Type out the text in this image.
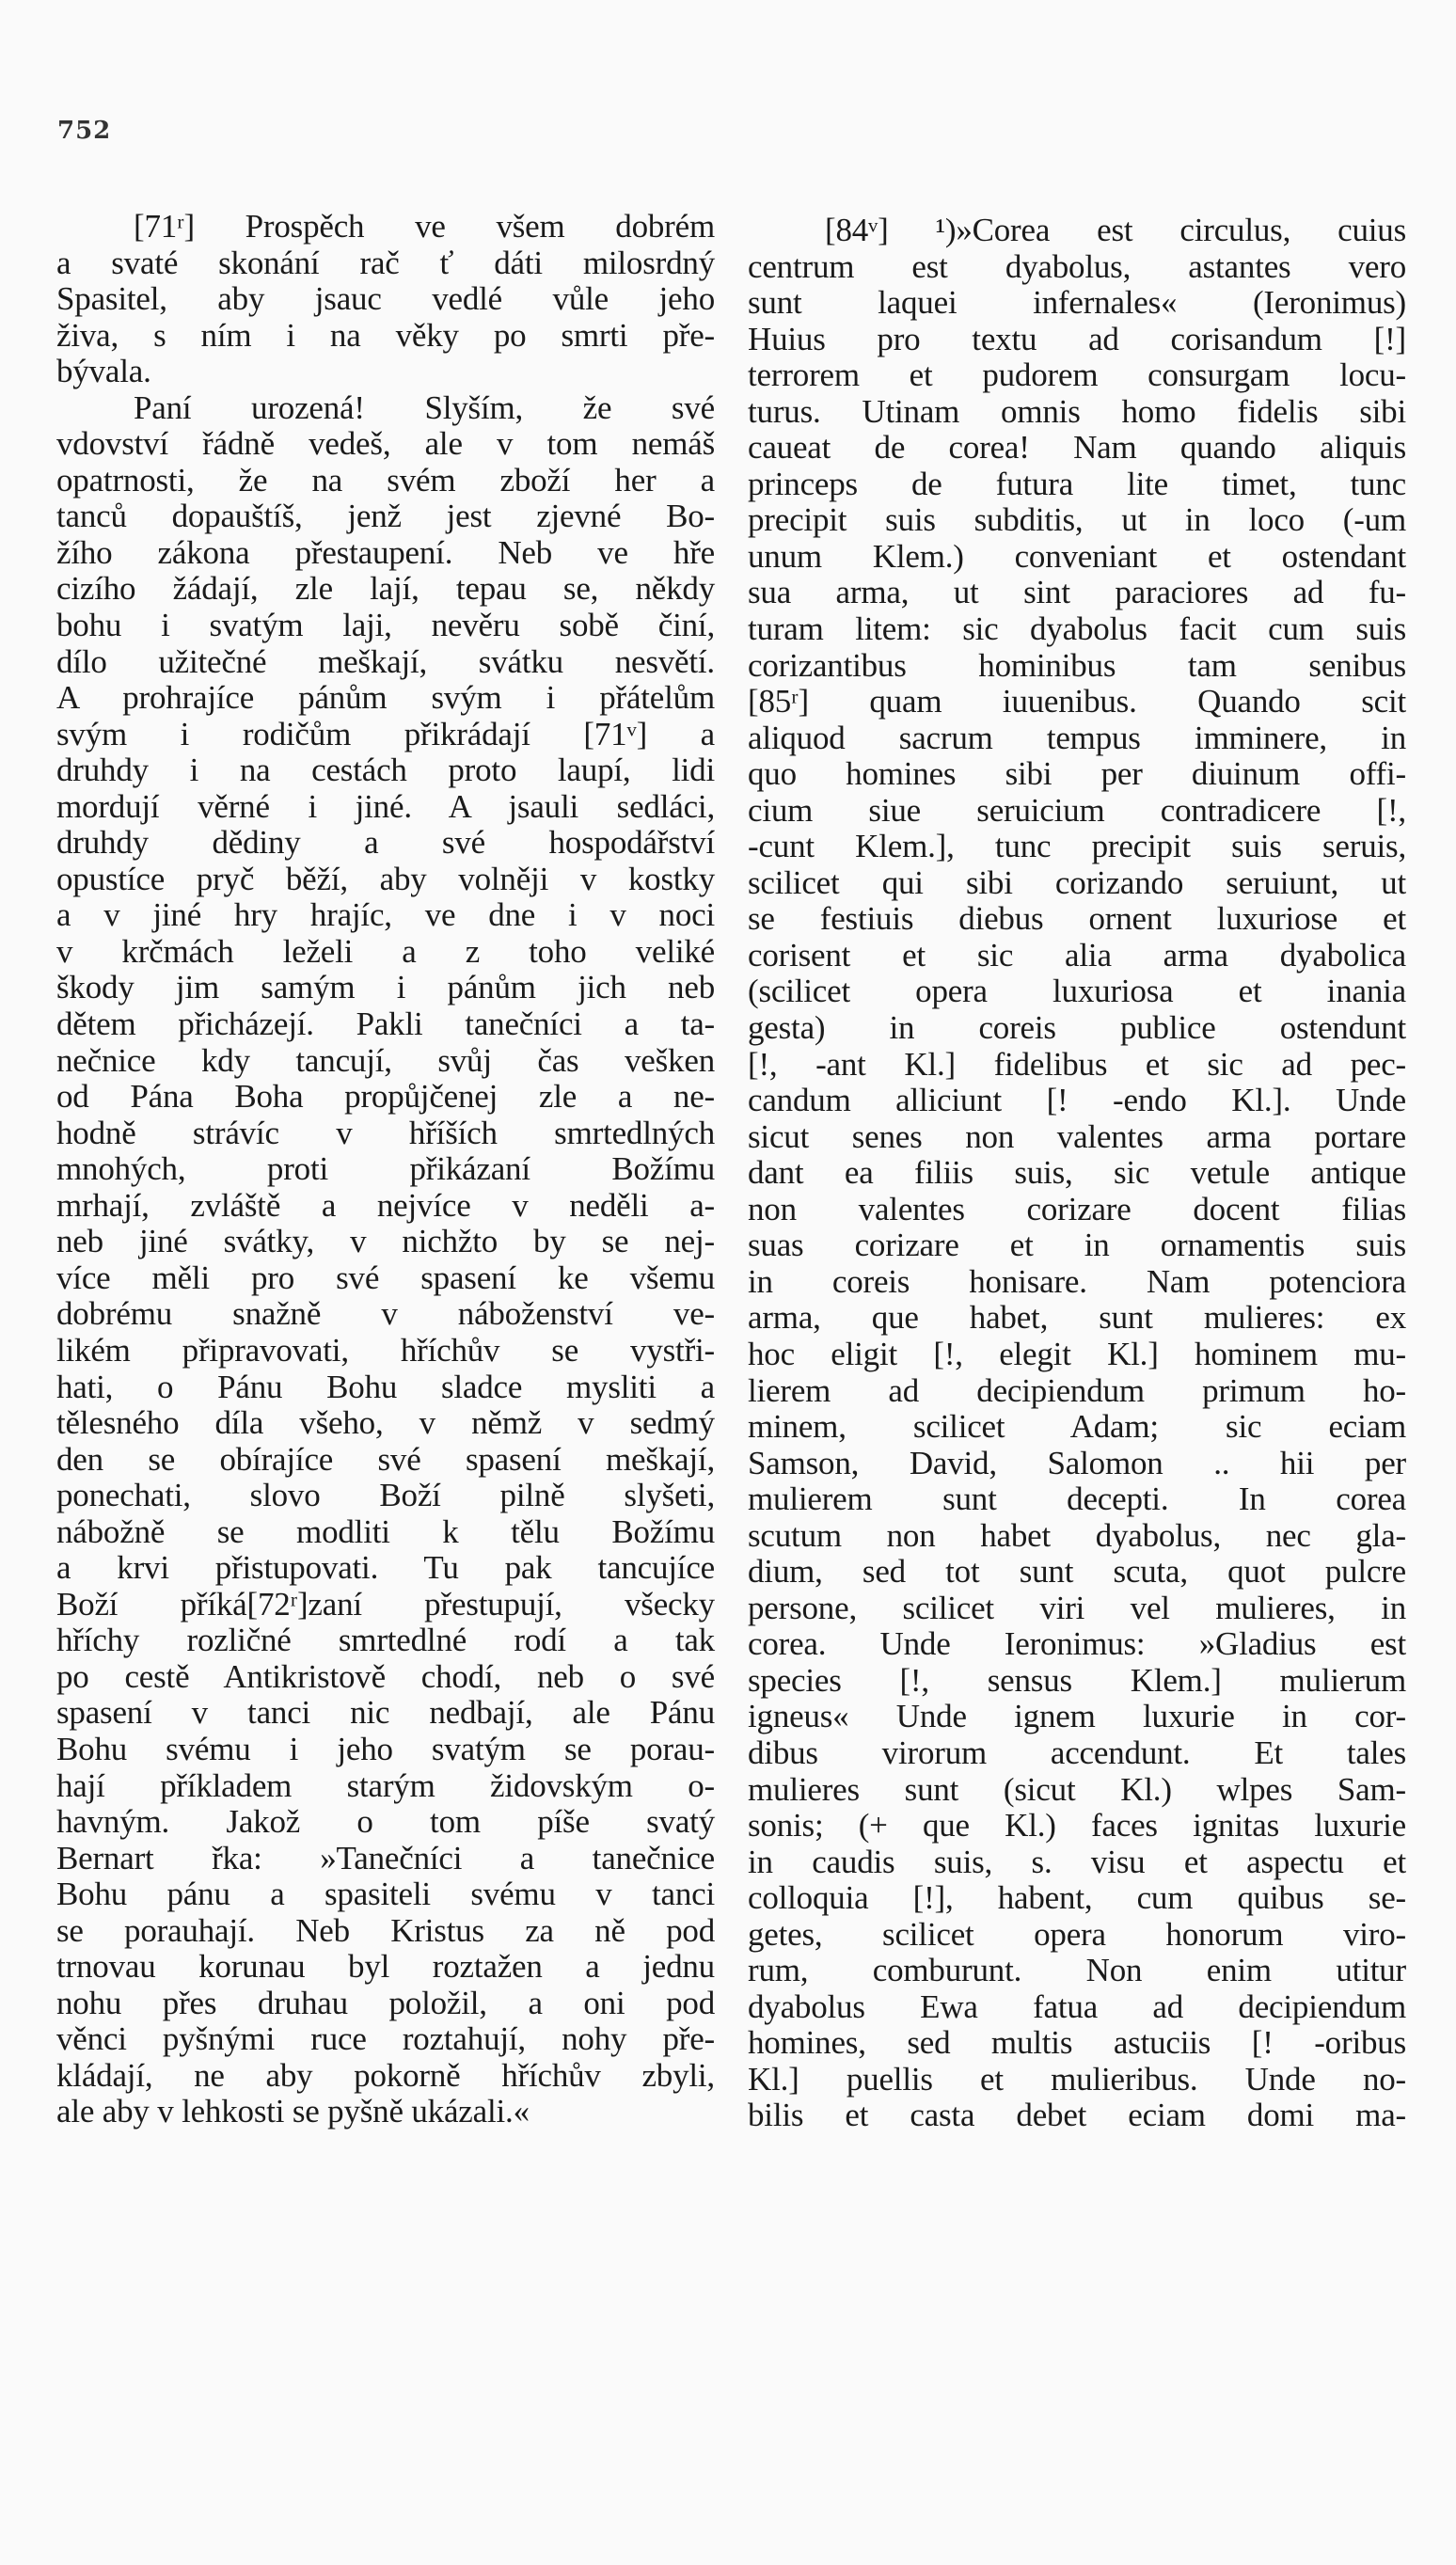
752
[71ʳ] Prospěch ve všem dobrém
a svaté skonání rač ť dáti milosrdný
Spasitel, aby jsauc vedlé vůle jeho
živa, s ním i na věky po smrti pře-
bývala.
Paní urozená! Slyším, že své
vdovství řádně vedeš, ale v tom nemáš
opatrnosti, že na svém zboží her a
tanců dopauštíš, jenž jest zjevné Bo-
žího zákona přestaupení. Neb ve hře
cizího žádají, zle lají, tepau se, někdy
bohu i svatým laji, nevěru sobě činí,
dílo užitečné meškají, svátku nesvětí.
A prohrajíce pánům svým i přátelům
svým i rodičům přikrádají [71ᵛ] a
druhdy i na cestách proto laupí, lidi
mordují věrné i jiné. A jsauli sedláci,
druhdy dědiny a své hospodářství
opustíce pryč běží, aby volněji v kostky
a v jiné hry hrajíc, ve dne i v noci
v krčmách leželi a z toho veliké
škody jim samým i pánům jich neb
dětem přicházejí. Pakli tanečníci a ta-
nečnice kdy tancují, svůj čas vešken
od Pána Boha propůjčenej zle a ne-
hodně strávíc v hříších smrtedlných
mnohých, proti přikázaní Božímu
mrhají, zvláště a nejvíce v neděli a-
neb jiné svátky, v nichžto by se nej-
více měli pro své spasení ke všemu
dobrému snažně v náboženství ve-
likém připravovati, hříchův se vystři-
hati, o Pánu Bohu sladce mysliti a
tělesného díla všeho, v němž v sedmý
den se obírajíce své spasení meškají,
ponechati, slovo Boží pilně slyšeti,
nábožně se modliti k tělu Božímu
a krvi přistupovati. Tu pak tancujíce
Boží příká[72ʳ]zaní přestupují, všecky
hříchy rozličné smrtedlné rodí a tak
po cestě Antikristově chodí, neb o své
spasení v tanci nic nedbají, ale Pánu
Bohu svému i jeho svatým se porau-
hají příkladem starým židovským o-
havným. Jakož o tom píše svatý
Bernart řka: »Tanečníci a tanečnice
Bohu pánu a spasiteli svému v tanci
se porauhají. Neb Kristus za ně pod
trnovau korunau byl roztažen a jednu
nohu přes druhau položil, a oni pod
věnci pyšnými ruce roztahují, nohy pře-
kládají, ne aby pokorně hříchův zbyli,
ale aby v lehkosti se pyšně ukázali.«
[84ᵛ] ¹)»Corea est circulus, cuius
centrum est dyabolus, astantes vero
sunt laquei infernales« (Ieronimus)
Huius pro textu ad corisandum [!]
terrorem et pudorem consurgam locu-
turus. Utinam omnis homo fidelis sibi
caueat de corea! Nam quando aliquis
princeps de futura lite timet, tunc
precipit suis subditis, ut in loco (-um
unum Klem.) conveniant et ostendant
sua arma, ut sint paraciores ad fu-
turam litem: sic dyabolus facit cum suis
corizantibus hominibus tam senibus
[85ʳ] quam iuuenibus. Quando scit
aliquod sacrum tempus imminere, in
quo homines sibi per diuinum offi-
cium siue seruicium contradicere [!,
-cunt Klem.], tunc precipit suis seruis,
scilicet qui sibi corizando seruiunt, ut
se festiuis diebus ornent luxuriose et
corisent et sic alia arma dyabolica
(scilicet opera luxuriosa et inania
gesta) in coreis publice ostendunt
[!, -ant Kl.] fidelibus et sic ad pec-
candum alliciunt [! -endo Kl.]. Unde
sicut senes non valentes arma portare
dant ea filiis suis, sic vetule antique
non valentes corizare docent filias
suas corizare et in ornamentis suis
in coreis honisare. Nam potenciora
arma, que habet, sunt mulieres: ex
hoc eligit [!, elegit Kl.] hominem mu-
lierem ad decipiendum primum ho-
minem, scilicet Adam; sic eciam
Samson, David, Salomon .. hii per
mulierem sunt decepti. In corea
scutum non habet dyabolus, nec gla-
dium, sed tot sunt scuta, quot pulcre
persone, scilicet viri vel mulieres, in
corea. Unde Ieronimus: »Gladius est
species [!, sensus Klem.] mulierum
igneus« Unde ignem luxurie in cor-
dibus virorum accendunt. Et tales
mulieres sunt (sicut Kl.) wlpes Sam-
sonis; (+ que Kl.) faces ignitas luxurie
in caudis suis, s. visu et aspectu et
colloquia [!], habent, cum quibus se-
getes, scilicet opera honorum viro-
rum, comburunt. Non enim utitur
dyabolus Ewa fatua ad decipiendum
homines, sed multis astuciis [! -oribus
Kl.] puellis et mulieribus. Unde no-
bilis et casta debet eciam domi ma-
